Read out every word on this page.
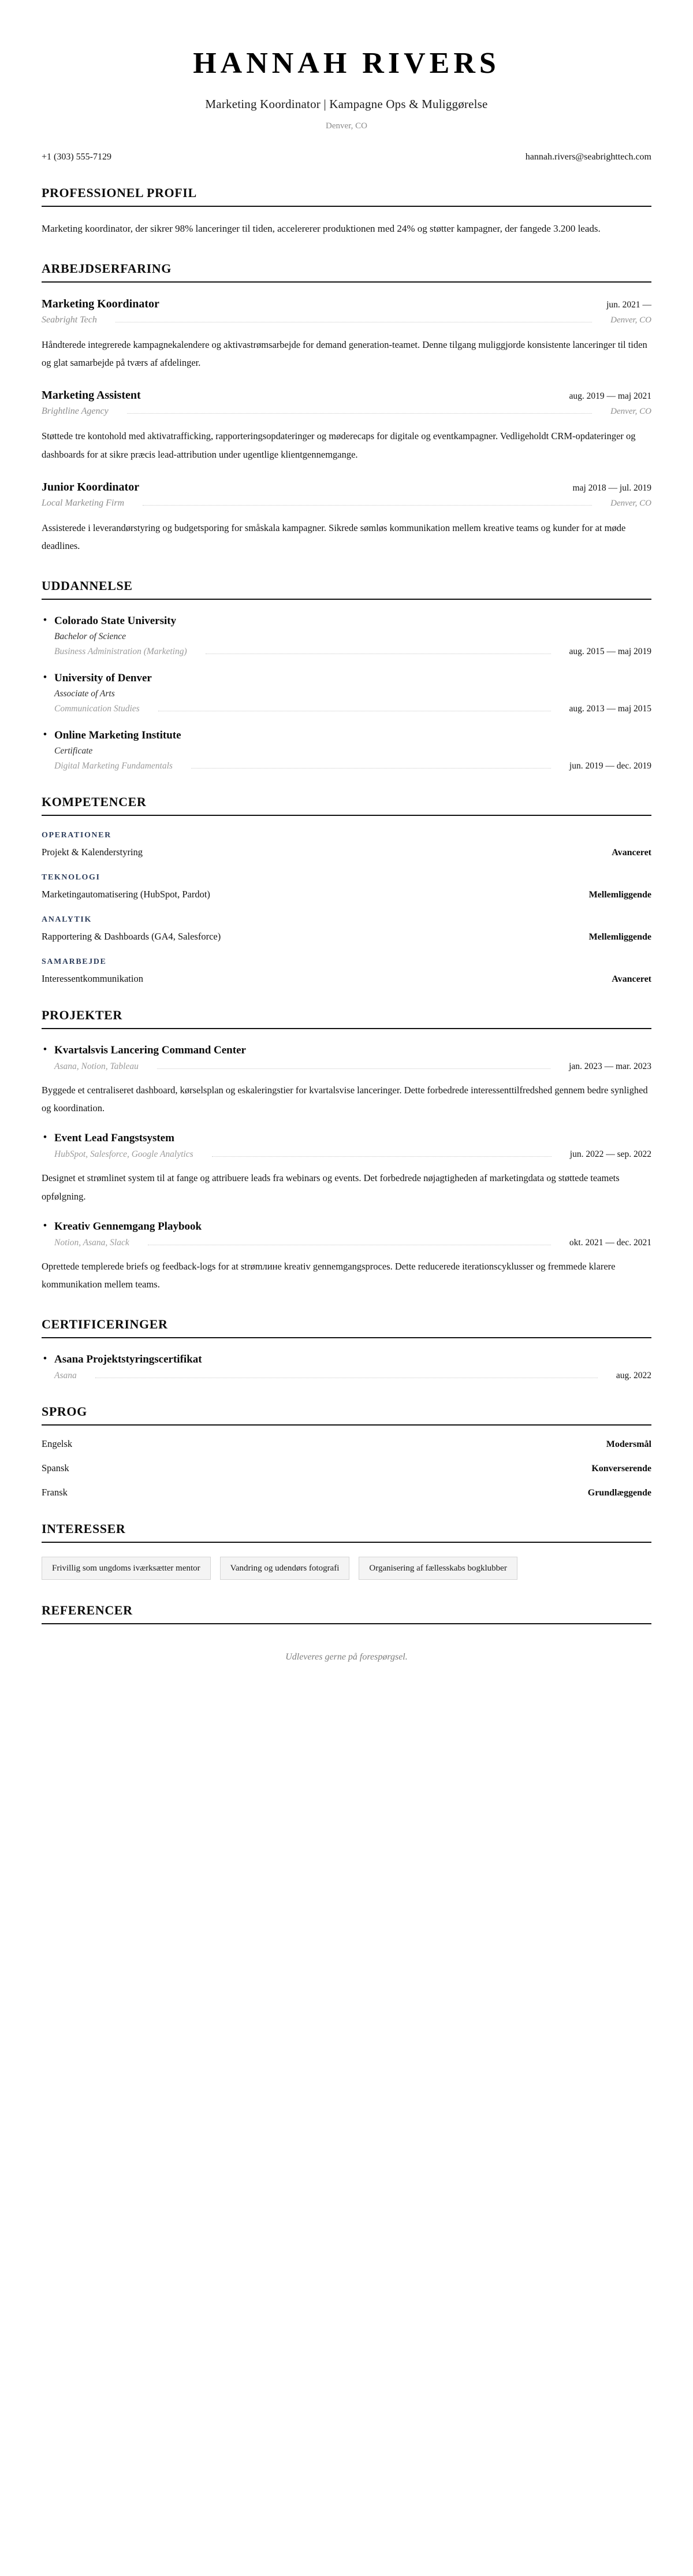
HANNAH RIVERS
Marketing Koordinator | Kampagne Ops & Muliggørelse
Denver, CO
+1 (303) 555-7129	hannah.rivers@seabrighttech.com
PROFESSIONEL PROFIL
Marketing koordinator, der sikrer 98% lanceringer til tiden, accelererer produktionen med 24% og støtter kampagner, der fangede 3.200 leads.
ARBEJDSERFARING
Marketing Koordinator	jun. 2021 —
Seabright Tech	Denver, CO
Håndterede integrerede kampagnekalendere og aktivastrømsarbejde for demand generation-teamet. Denne tilgang muliggjorde konsistente lanceringer til tiden og glat samarbejde på tværs af afdelinger.
Marketing Assistent	aug. 2019 — maj 2021
Brightline Agency	Denver, CO
Støttede tre kontohold med aktivatrafficking, rapporteringsopdateringer og møderecaps for digitale og eventkampagner. Vedligeholdt CRM-opdateringer og dashboards for at sikre præcis lead-attribution under ugentlige klientgennemgange.
Junior Koordinator	maj 2018 — jul. 2019
Local Marketing Firm	Denver, CO
Assisterede i leverandørstyring og budgetsporing for småskala kampagner. Sikrede sømløs kommunikation mellem kreative teams og kunder for at møde deadlines.
UDDANNELSE
• Colorado State University
Bachelor of Science
Business Administration (Marketing)	aug. 2015 — maj 2019
• University of Denver
Associate of Arts
Communication Studies	aug. 2013 — maj 2015
• Online Marketing Institute
Certificate
Digital Marketing Fundamentals	jun. 2019 — dec. 2019
KOMPETENCER
OPERATIONER
Projekt & Kalenderstyring	Avanceret
TEKNOLOGI
Marketingautomatisering (HubSpot, Pardot)	Mellemliggende
ANALYTIK
Rapportering & Dashboards (GA4, Salesforce)	Mellemliggende
SAMARBEJDE
Interessentkommunikation	Avanceret
PROJEKTER
• Kvartalsvis Lancering Command Center
Asana, Notion, Tableau	jan. 2023 — mar. 2023
Byggede et centraliseret dashboard, kørselsplan og eskaleringstier for kvartalsvise lanceringer. Dette forbedrede interessenttilfredshed gennem bedre synlighed og koordination.
• Event Lead Fangstsystem
HubSpot, Salesforce, Google Analytics	jun. 2022 — sep. 2022
Designet et strømlinet system til at fange og attribuere leads fra webinars og events. Det forbedrede nøjagtigheden af marketingdata og støttede teamets opfølgning.
• Kreativ Gennemgang Playbook
Notion, Asana, Slack	okt. 2021 — dec. 2021
Oprettede templerede briefs og feedback-logs for at strømлине kreativ gennemgangsproces. Dette reducerede iterationscyklusser og fremmede klarere kommunikation mellem teams.
CERTIFICERINGER
• Asana Projektstyringscertifikat
Asana	aug. 2022
SPROG
Engelsk	Modersmål
Spansk	Konverserende
Fransk	Grundlæggende
INTERESSER
Frivillig som ungdoms iværksætter mentor	Vandring og udendørs fotografi	Organisering af fællesskabs bogklubber
REFERENCER
Udleveres gerne på forespørgsel.
